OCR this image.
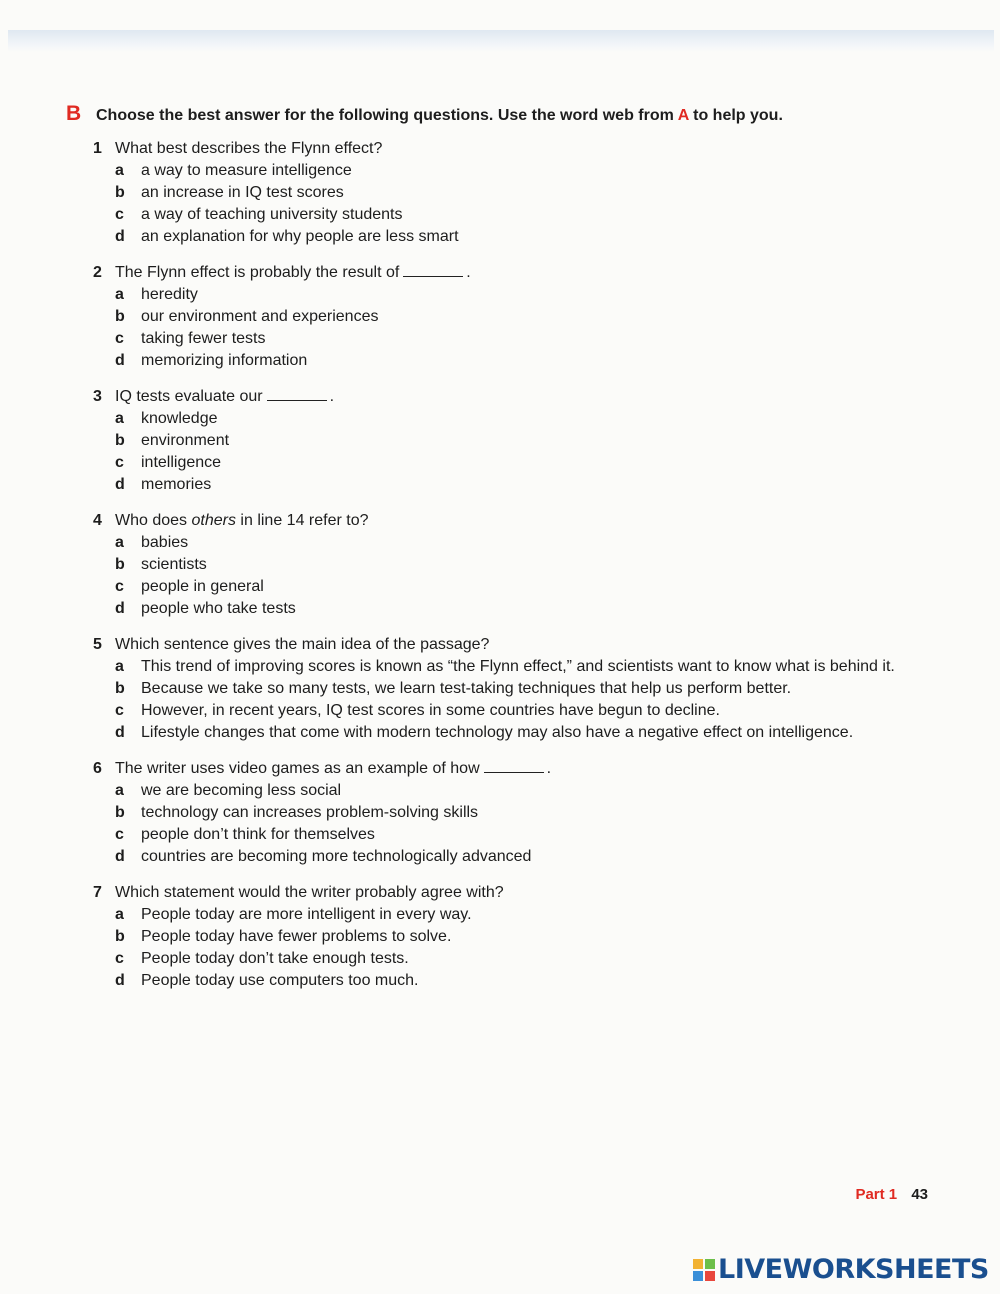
B Choose the best answer for the following questions. Use the word web from A to help you.
1 What best describes the Flynn effect?
a	a way to measure intelligence
b	an increase in IQ test scores
c	a way of teaching university students
d	an explanation for why people are less smart
2 The Flynn effect is probably the result of	.
a	heredity
b	our environment and experiences
c	taking fewer tests
d	memorizing information
3 IQ tests evaluate our	.
a	knowledge
b	environment
c	intelligence
d	memories
4 Who does others in line 14 refer to?
a	babies
b	scientists
c	people in general
d	people who take tests
5 Which sentence gives the main idea of the passage?
a	This trend of improving scores is known as “the Flynn effect,” and scientists want to know what is behind it.
b	Because we take so many tests, we learn test-taking techniques that help us perform better.
c	However, in recent years, IQ test scores in some countries have begun to decline.
d	Lifestyle changes that come with modern technology may also have a negative effect on intelligence.
6 The writer uses video games as an example of how	.
a	we are becoming less social
b	technology can increases problem-solving skills
c	people don’t think for themselves
d	countries are becoming more technologically advanced
7 Which statement would the writer probably agree with?
a	People today are more intelligent in every way.
b	People today have fewer problems to solve.
c	People today don’t take enough tests.
d	People today use computers too much.
Part 1 43
LIVEWORKSHEETS
